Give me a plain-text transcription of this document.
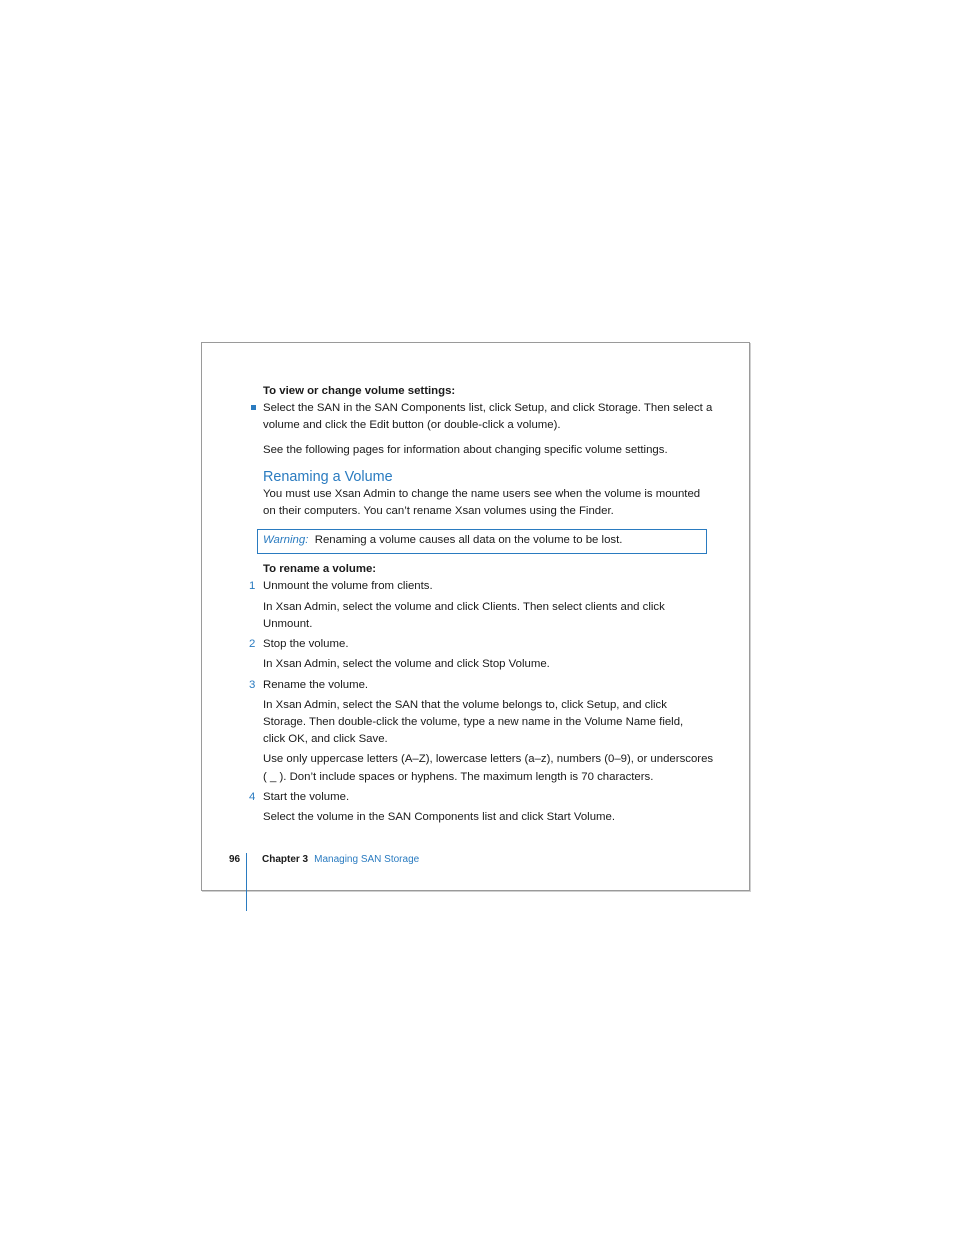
To view or change volume settings:
Select the SAN in the SAN Components list, click Setup, and click Storage. Then select a
volume and click the Edit button (or double-click a volume).
See the following pages for information about changing specific volume settings.
Renaming a Volume
You must use Xsan Admin to change the name users see when the volume is mounted
on their computers. You can’t rename Xsan volumes using the Finder.
Warning: Renaming a volume causes all data on the volume to be lost.
To rename a volume:
1 Unmount the volume from clients.
In Xsan Admin, select the volume and click Clients. Then select clients and click
Unmount.
2 Stop the volume.
In Xsan Admin, select the volume and click Stop Volume.
3 Rename the volume.
In Xsan Admin, select the SAN that the volume belongs to, click Setup, and click
Storage. Then double-click the volume, type a new name in the Volume Name field,
click OK, and click Save.
Use only uppercase letters (A–Z), lowercase letters (a–z), numbers (0–9), or underscores
( _ ). Don’t include spaces or hyphens. The maximum length is 70 characters.
4 Start the volume.
Select the volume in the SAN Components list and click Start Volume.
96 Chapter 3 Managing SAN Storage
